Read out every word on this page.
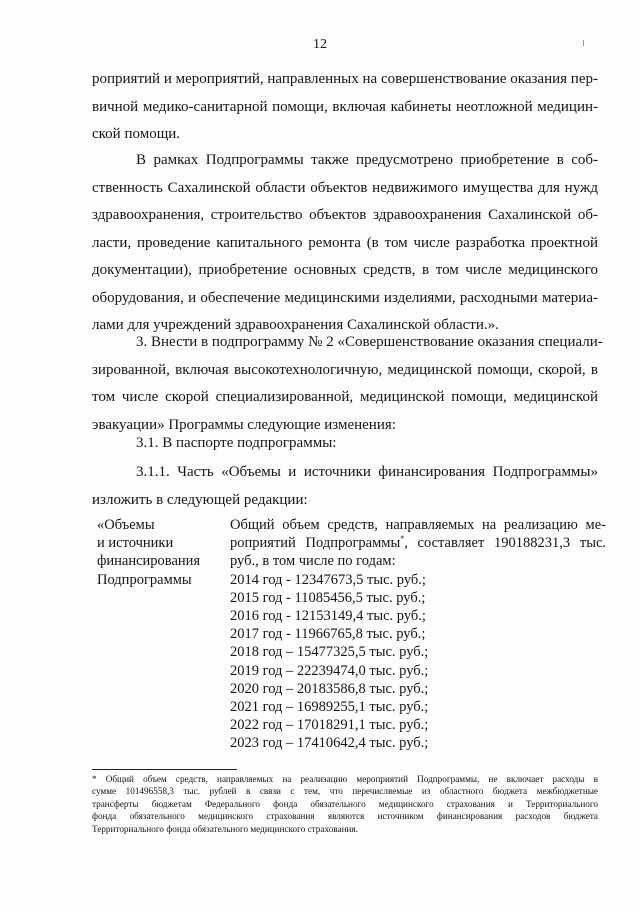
12
роприятий и мероприятий, направленных на совершенствование оказания пер-
вичной медико-санитарной помощи, включая кабинеты неотложной медицин-
ской помощи.
В рамках Подпрограммы также предусмотрено приобретение в соб-
ственность Сахалинской области объектов недвижимого имущества для нужд
здравоохранения, строительство объектов здравоохранения Сахалинской об-
ласти, проведение капитального ремонта (в том числе разработка проектной
документации), приобретение основных средств, в том числе медицинского
оборудования, и обеспечение медицинскими изделиями, расходными материа-
лами для учреждений здравоохранения Сахалинской области.».
3. Внести в подпрограмму № 2 «Совершенствование оказания специали-
зированной, включая высокотехнологичную, медицинской помощи, скорой, в
том числе скорой специализированной, медицинской помощи, медицинской
эвакуации» Программы следующие изменения:
3.1. В паспорте подпрограммы:
3.1.1. Часть «Объемы и источники финансирования Подпрограммы»
изложить в следующей редакции:
«Объемы
и источники
финансирования
Подпрограммы
Общий объем средств, направляемых на реализацию ме-
роприятий Подпрограммы*, составляет 190188231,3 тыс.
руб., в том числе по годам:
2014 год - 12347673,5 тыс. руб.;
2015 год - 11085456,5 тыс. руб.;
2016 год - 12153149,4 тыс. руб.;
2017 год - 11966765,8 тыс. руб.;
2018 год – 15477325,5 тыс. руб.;
2019 год – 22239474,0 тыс. руб.;
2020 год – 20183586,8 тыс. руб.;
2021 год – 16989255,1 тыс. руб.;
2022 год – 17018291,1 тыс. руб.;
2023 год – 17410642,4 тыс. руб.;
* Общий объем средств, направляемых на реализацию мероприятий Подпрограммы, не включает расходы в
сумме 101496558,3 тыс. рублей в связи с тем, что перечисляемые из областного бюджета межбюджетные
трансферты бюджетам Федерального фонда обязательного медицинского страхования и Территориального
фонда обязательного медицинского страхования являются источником финансирования расходов бюджета
Территориального фонда обязательного медицинского страхования.
